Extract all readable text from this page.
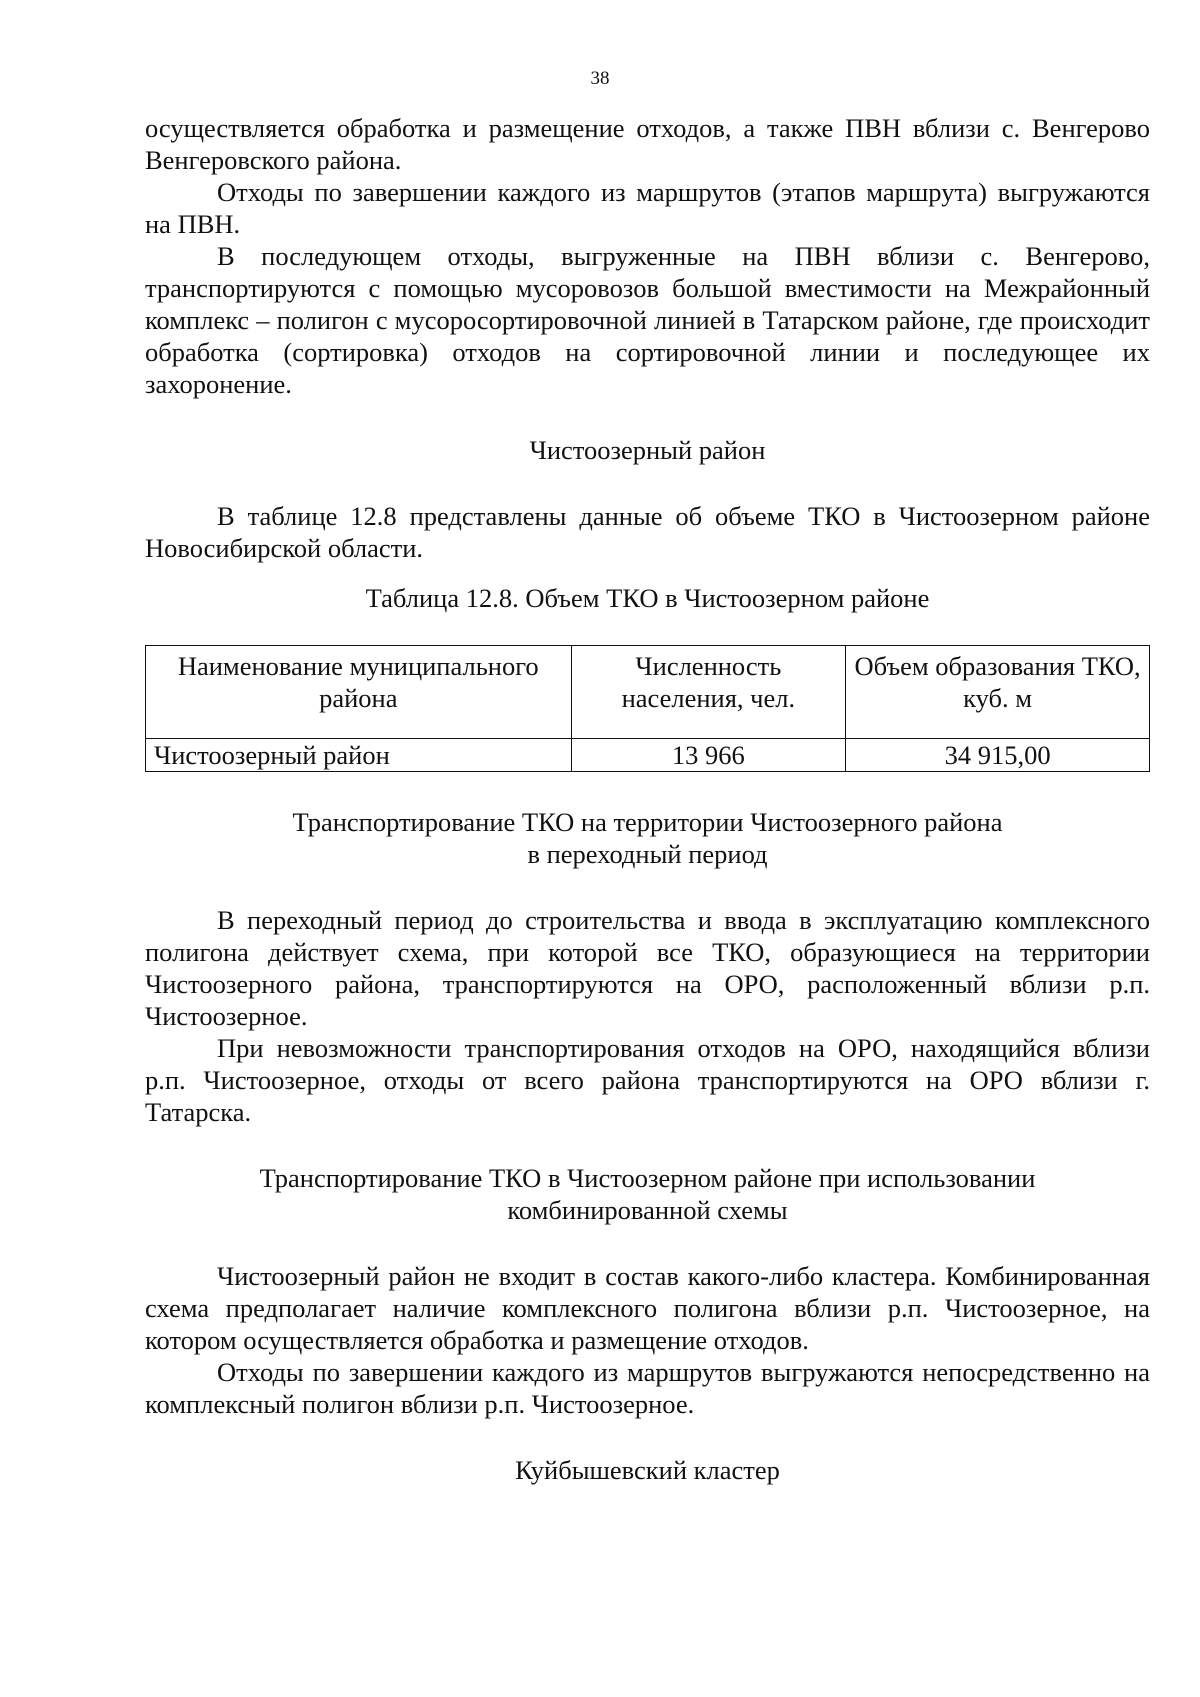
38

осуществляется обработка и размещение отходов, а также ПВН вблизи с. Венгерово Венгеровского района.

Отходы по завершении каждого из маршрутов (этапов маршрута) выгружаются на ПВН.

В последующем отходы, выгруженные на ПВН вблизи с. Венгерово, транспортируются с помощью мусоровозов большой вместимости на Межрайонный комплекс – полигон с мусоросортировочной линией в Татарском районе, где происходит обработка (сортировка) отходов на сортировочной линии и последующее их захоронение.

Чистоозерный район

В таблице 12.8 представлены данные об объеме ТКО в Чистоозерном районе Новосибирской области.

Таблица 12.8. Объем ТКО в Чистоозерном районе

Наименование муниципального района	Численность населения, чел.	Объем образования ТКО, куб. м
Чистоозерный район	13 966	34 915,00
Транспортирование ТКО на территории Чистоозерного района
в переходный период

В переходный период до строительства и ввода в эксплуатацию комплексного полигона действует схема, при которой все ТКО, образующиеся на территории Чистоозерного района, транспортируются на ОРО, расположенный вблизи р.п. Чистоозерное.

При невозможности транспортирования отходов на ОРО, находящийся вблизи р.п. Чистоозерное, отходы от всего района транспортируются на ОРО вблизи г. Татарска.

Транспортирование ТКО в Чистоозерном районе при использовании
комбинированной схемы

Чистоозерный район не входит в состав какого-либо кластера. Комбинированная схема предполагает наличие комплексного полигона вблизи р.п. Чистоозерное, на котором осуществляется обработка и размещение отходов.

Отходы по завершении каждого из маршрутов выгружаются непосредственно на комплексный полигон вблизи р.п. Чистоозерное.

Куйбышевский кластер
